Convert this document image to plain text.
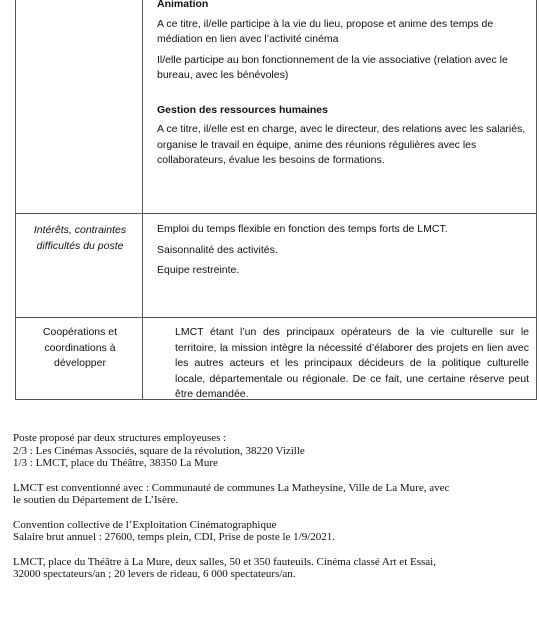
Animation

A ce titre, il/elle participe à la vie du lieu, propose et anime des temps de médiation en lien avec l’activité cinéma

Il/elle participe au bon fonctionnement de la vie associative (relation avec le bureau, avec les bénévoles)

Gestion des ressources humaines

A ce titre, il/elle est en charge, avec le directeur, des relations avec les salariés, organise le travail en équipe, anime des réunions régulières avec les collaborateurs, évalue les besoins de formations.

Intérêts, contraintes difficultés du poste

Emploi du temps flexible en fonction des temps forts de LMCT.

Saisonnalité des activités.

Equipe restreinte.

Coopérations et coordinations à développer

LMCT étant l’un des principaux opérateurs de la vie culturelle sur le territoire, la mission intègre la nécessité d’élaborer des projets en lien avec les autres acteurs et les principaux décideurs de la politique culturelle locale, départementale ou régionale. De ce fait, une certaine réserve peut être demandée.

Poste proposé par deux structures employeuses :

2/3 : Les Cinémas Associés, square de la révolution, 38220 Vizille

1/3 : LMCT, place du Théâtre, 38350 La Mure

LMCT est conventionné avec : Communauté de communes La Matheysine, Ville de La Mure, avec

le soutien du Département de L’Isère.

Convention collective de l’Exploitation Cinématographique

Salaire brut annuel : 27600, temps plein, CDI, Prise de poste le 1/9/2021.

LMCT, place du Théâtre à La Mure, deux salles, 50 et 350 fauteuils. Cinéma classé Art et Essai,

32000 spectateurs/an ; 20 levers de rideau, 6 000 spectateurs/an.
